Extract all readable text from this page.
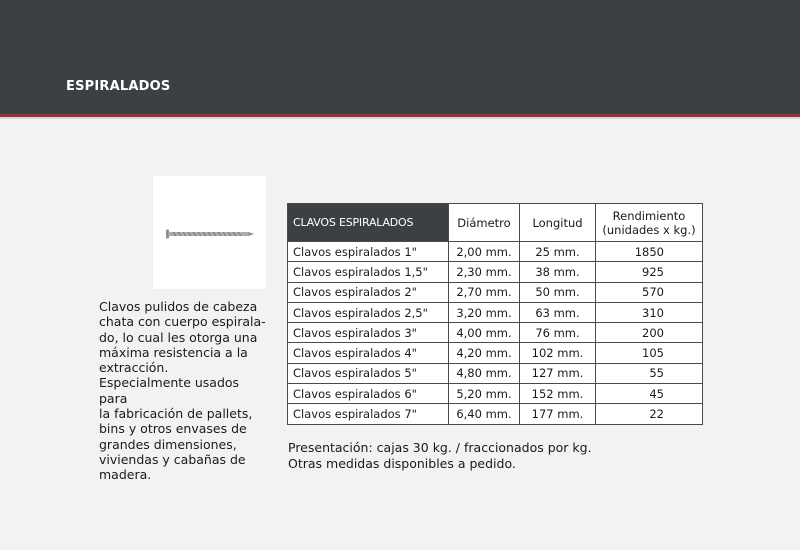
ESPIRALADOS

Clavos pulidos de cabeza

chata con cuerpo espirala-

do, lo cual les otorga una

máxima resistencia a la

extracción.

Especialmente usados para

la fabricación de pallets,

bins y otros envases de

grandes dimensiones,

viviendas y cabañas de

madera.

CLAVOS ESPIRALADOS	Diámetro	Longitud	Rendimiento
(unidades x kg.)
Clavos espiralados 1"	2,00 mm.	25 mm.	1850
Clavos espiralados 1,5"	2,30 mm.	38 mm.	925
Clavos espiralados 2"	2,70 mm.	50 mm.	570
Clavos espiralados 2,5"	3,20 mm.	63 mm.	310
Clavos espiralados 3"	4,00 mm.	76 mm.	200
Clavos espiralados 4"	4,20 mm.	102 mm.	105
Clavos espiralados 5"	4,80 mm.	127 mm.	55
Clavos espiralados 6"	5,20 mm.	152 mm.	45
Clavos espiralados 7"	6,40 mm.	177 mm.	22

Presentación: cajas 30 kg. / fraccionados por kg.

Otras medidas disponibles a pedido.
